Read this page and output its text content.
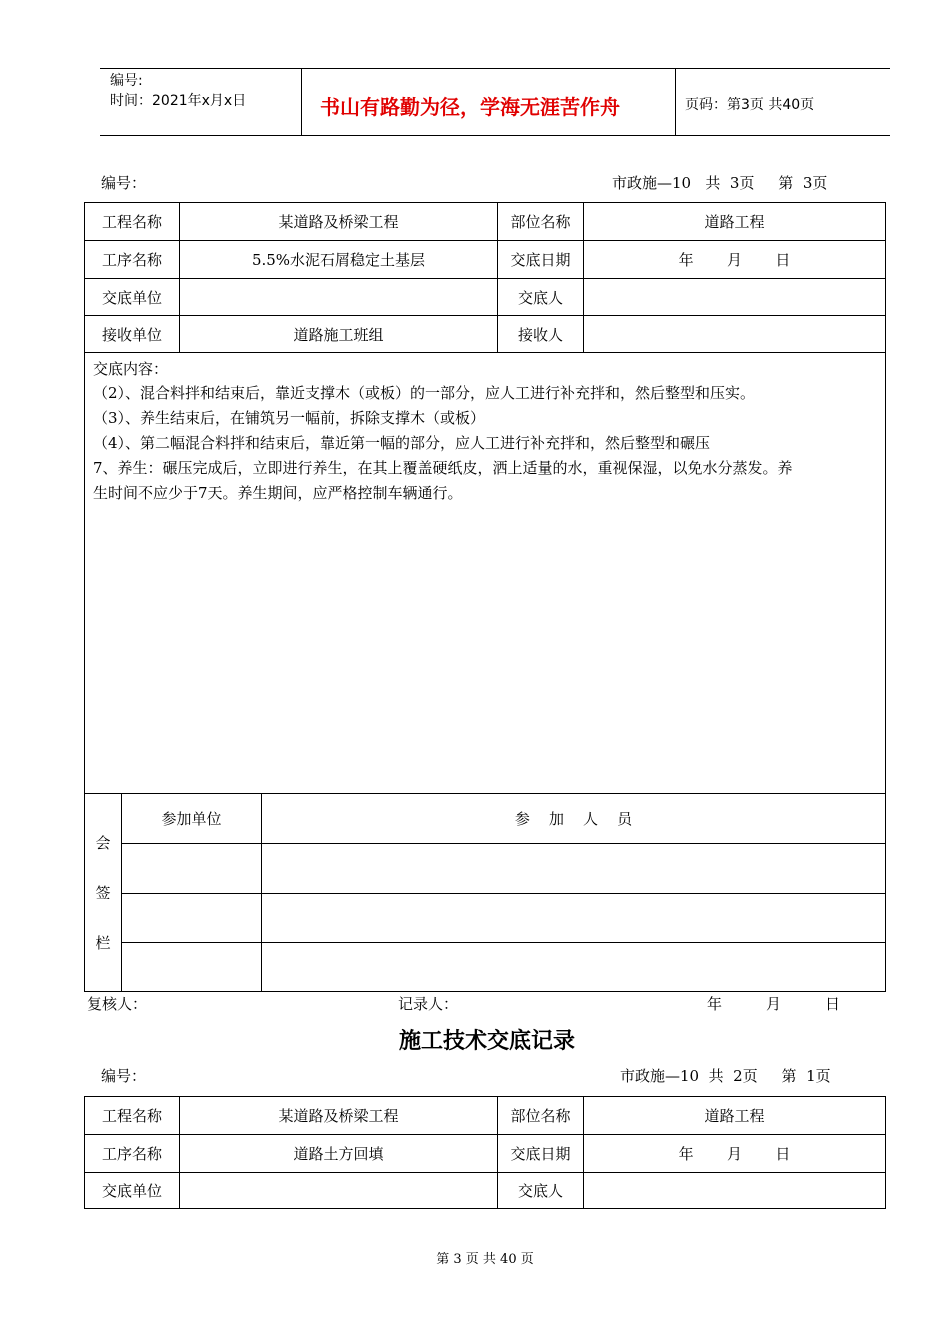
编号:
时间：2021年x月x日	书山有路勤为径，学海无涯苦作舟	页码：第3页 共40页
编号：	市政施—10   共  3页     第  3页
工程名称	某道路及桥梁工程	部位名称	道路工程
工序名称	5.5%水泥石屑稳定土基层	交底日期	年       月       日
交底单位		交底人	
接收单位	道路施工班组	接收人	
交底内容：
（2）、混合料拌和结束后，靠近支撑木（或板）的一部分，应人工进行补充拌和，然后整型和压实。
（3）、养生结束后，在铺筑另一幅前，拆除支撑木（或板）
（4）、第二幅混合料拌和结束后，靠近第一幅的部分，应人工进行补充拌和，然后整型和碾压
7、养生：碾压完成后，立即进行养生，在其上覆盖硬纸皮，洒上适量的水，重视保湿，以免水分蒸发。养
生时间不应少于7天。养生期间，应严格控制车辆通行。
会
签
栏	参加单位	参    加    人    员

复核人：	记录人：	年	月	日
施工技术交底记录
编号：	市政施—10  共  2页     第  1页
工程名称	某道路及桥梁工程	部位名称	道路工程
工序名称	道路土方回填	交底日期	年       月       日
交底单位		交底人	
第 3 页 共 40 页
